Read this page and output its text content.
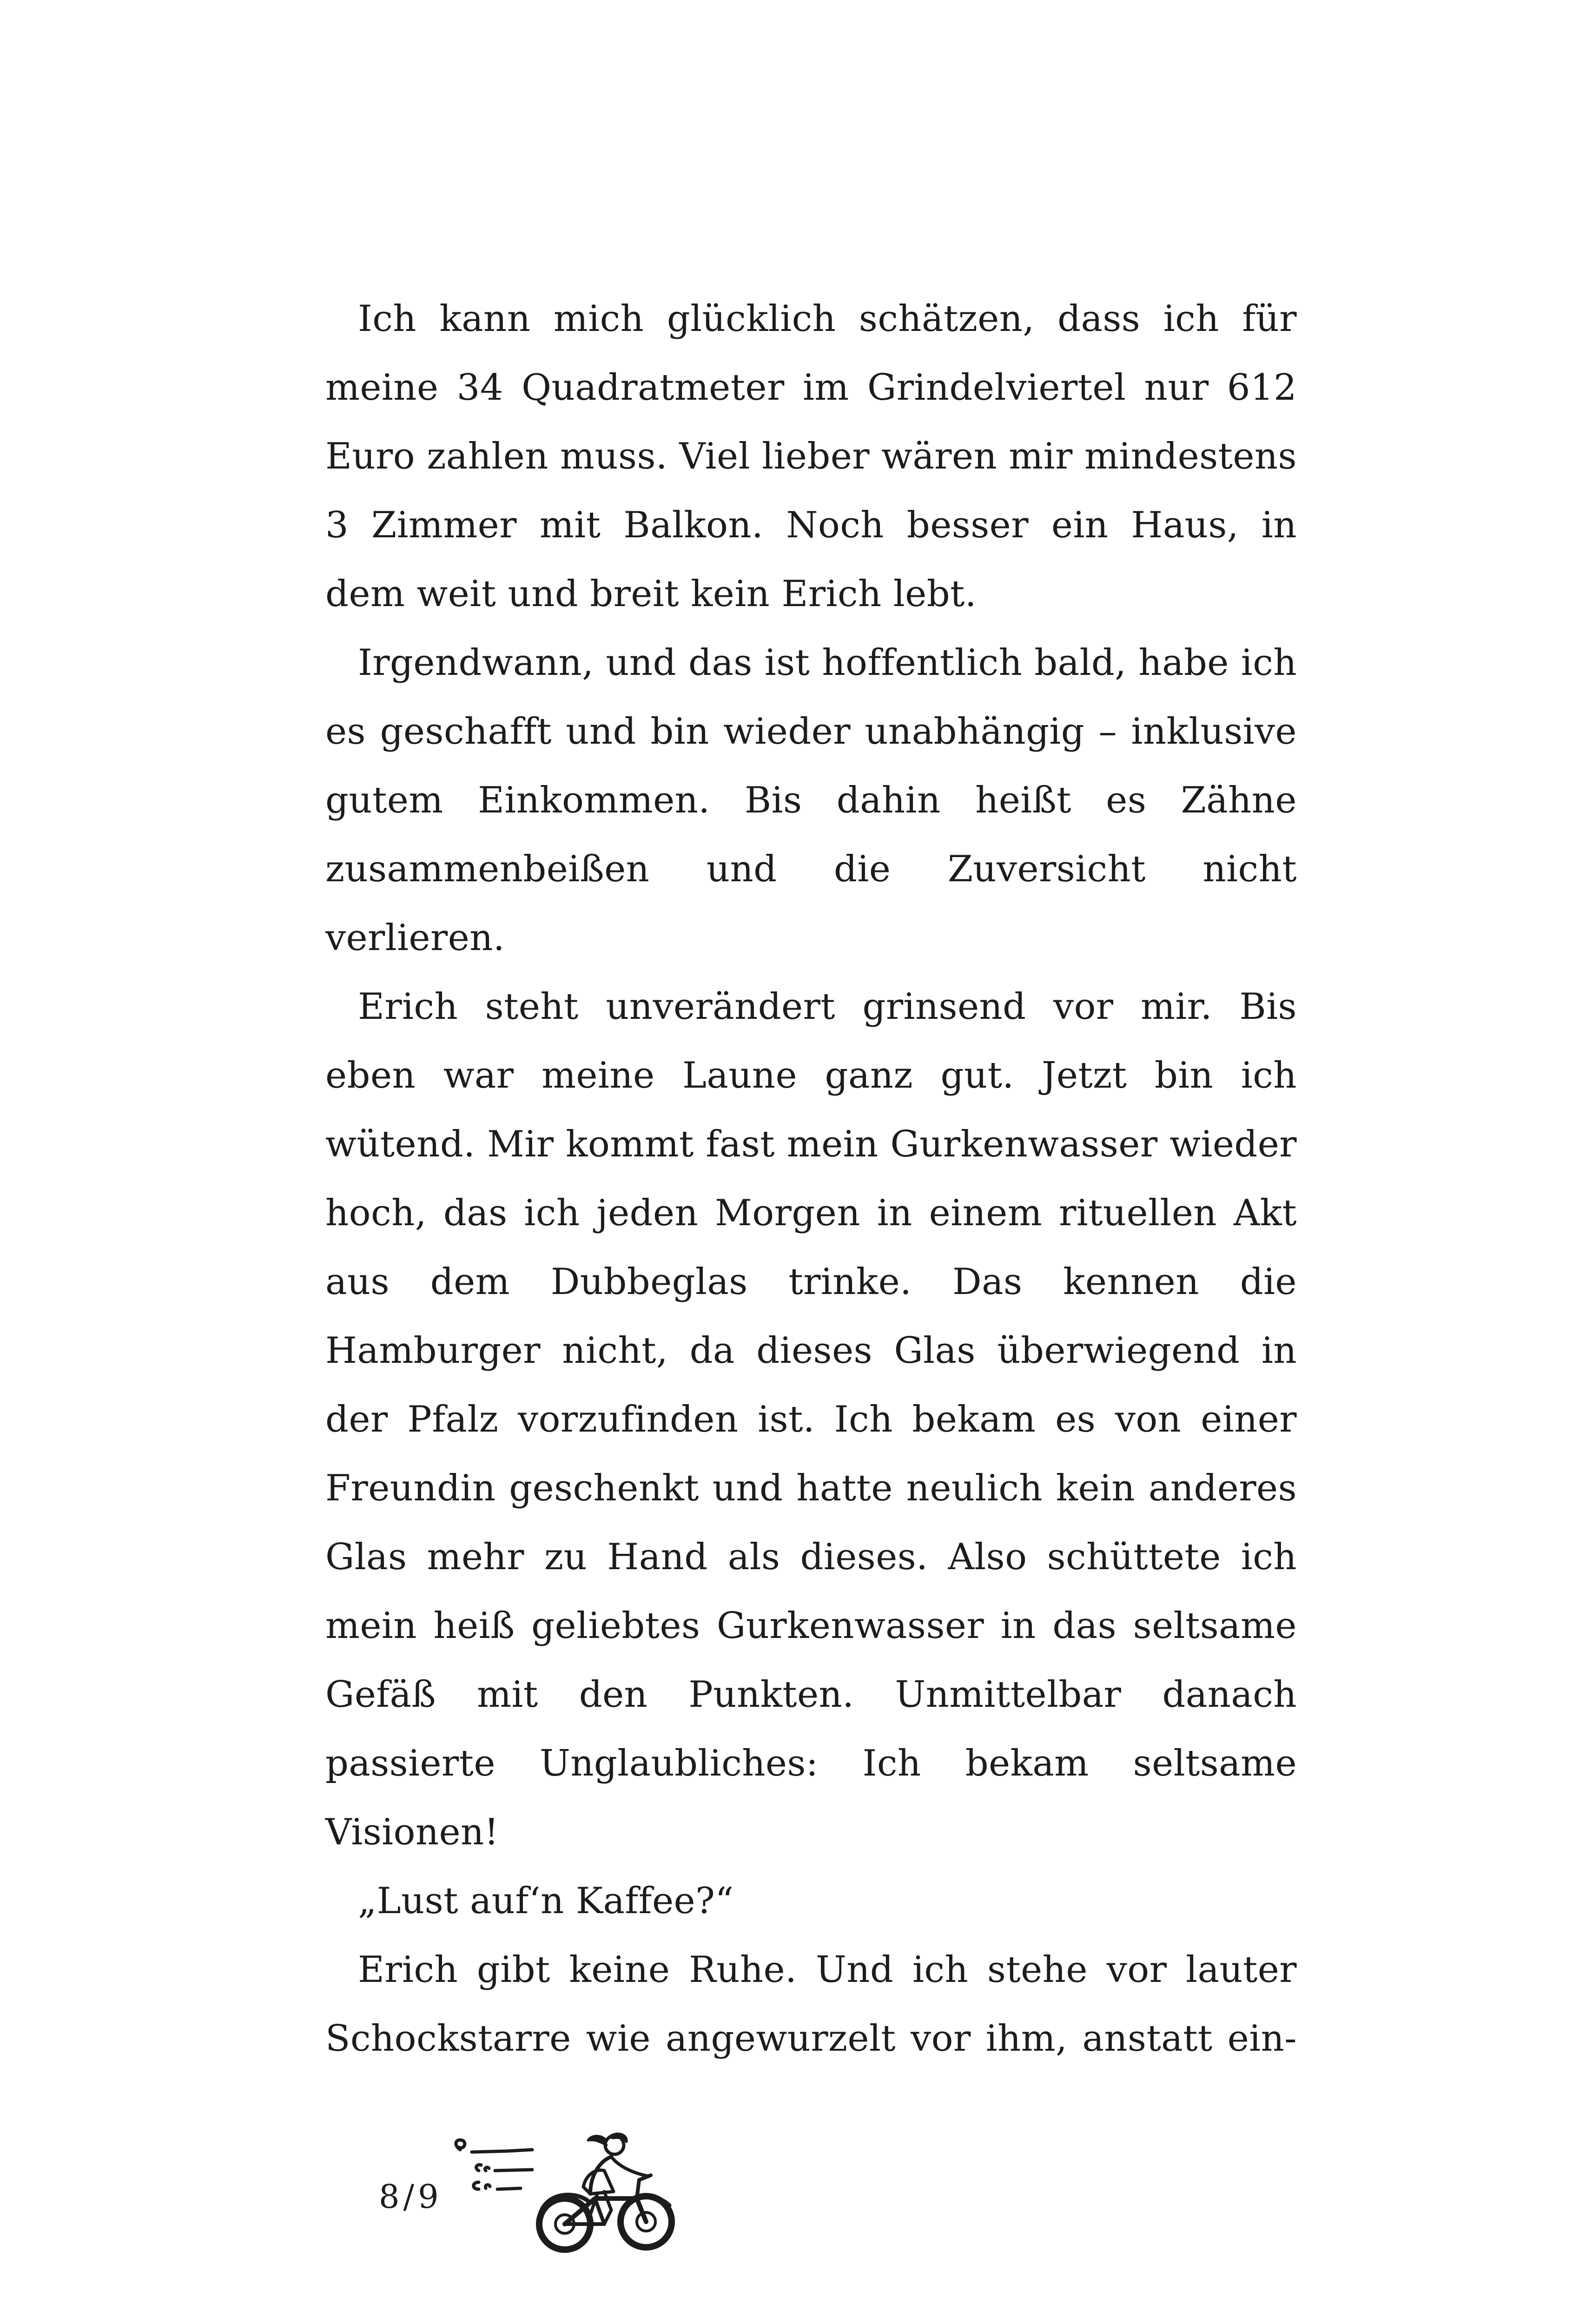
Ich kann mich glücklich schätzen, dass ich für meine 34 Quadratmeter im Grindelviertel nur 612 Euro zahlen muss. Viel lieber wären mir mindestens 3 Zimmer mit Balkon. Noch besser ein Haus, in dem weit und breit kein Erich lebt.

Irgendwann, und das ist hoffentlich bald, habe ich es geschafft und bin wieder unabhängig – inklusive gutem Einkommen. Bis dahin heißt es Zähne zusammenbeißen und die Zuversicht nicht verlieren.

Erich steht unverändert grinsend vor mir. Bis eben war meine Laune ganz gut. Jetzt bin ich wütend. Mir kommt fast mein Gurkenwasser wieder hoch, das ich jeden Morgen in einem rituellen Akt aus dem Dubbeglas trinke. Das kennen die Hamburger nicht, da dieses Glas überwiegend in der Pfalz vorzufinden ist. Ich bekam es von einer Freundin geschenkt und hatte neulich kein anderes Glas mehr zu Hand als dieses. Also schüttete ich mein heiß geliebtes Gurkenwasser in das seltsame Gefäß mit den Punkten. Unmittelbar danach passierte Unglaubliches: Ich bekam seltsame Visionen!

„Lust auf‘n Kaffee?“

Erich gibt keine Ruhe. Und ich stehe vor lauter Schockstarre wie angewurzelt vor ihm, anstatt ein-

8/9
